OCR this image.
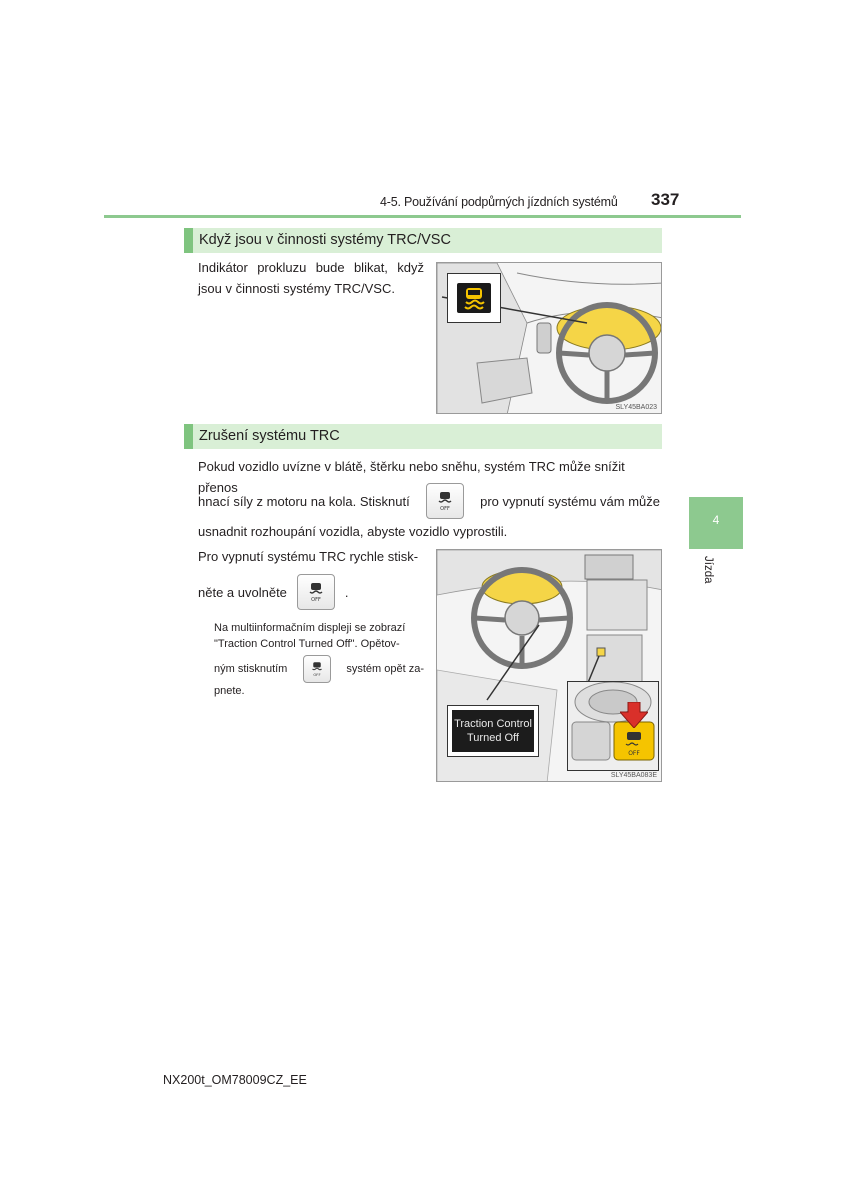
4-5. Používání podpůrných jízdních systémů 337
Když jsou v činnosti systémy TRC/VSC
Indikátor prokluzu bude blikat, když
jsou v činnosti systémy TRC/VSC.
SLY45BA023
Zrušení systému TRC
Pokud vozidlo uvízne v blátě, štěrku nebo sněhu, systém TRC může snížit přenos
hnací síly z motoru na kola. Stisknutí
OFF
pro vypnutí systému vám může
usnadnit rozhoupání vozidla, abyste vozidlo vyprostili.
Pro vypnutí systému TRC rychle stisk-
něte a uvolněte
OFF
.
Na multiinformačním displeji se zobrazí
"Traction Control Turned Off". Opětov-
ným stisknutím	OFF systém opět za-
pnete.
Traction Control
Turned Off
OFF
SLY45BA083E
4
Jízda
NX200t_OM78009CZ_EE
